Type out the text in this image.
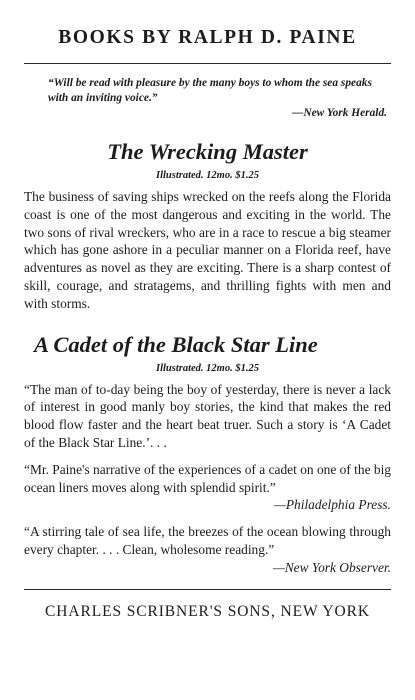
BOOKS BY RALPH D. PAINE
“Will be read with pleasure by the many boys to whom the sea speaks with an inviting voice.”
—New York Herald.
The Wrecking Master
Illustrated. 12mo. $1.25

The business of saving ships wrecked on the reefs along the Florida coast is one of the most dangerous and exciting in the world. The two sons of rival wreckers, who are in a race to rescue a big steamer which has gone ashore in a peculiar manner on a Florida reef, have adventures as novel as they are exciting. There is a sharp contest of skill, courage, and stratagems, and thrilling fights with men and with storms.

A Cadet of the Black Star Line
Illustrated. 12mo. $1.25

“The man of to-day being the boy of yesterday, there is never a lack of interest in good manly boy stories, the kind that makes the red blood flow faster and the heart beat truer. Such a story is ‘A Cadet of the Black Star Line.’. . .

“Mr. Paine's narrative of the experiences of a cadet on one of the big ocean liners moves along with splendid spirit.”

—Philadelphia Press.

“A stirring tale of sea life, the breezes of the ocean blowing through every chapter. . . . Clean, wholesome reading.”

—New York Observer.
CHARLES SCRIBNER'S SONS, NEW YORK
